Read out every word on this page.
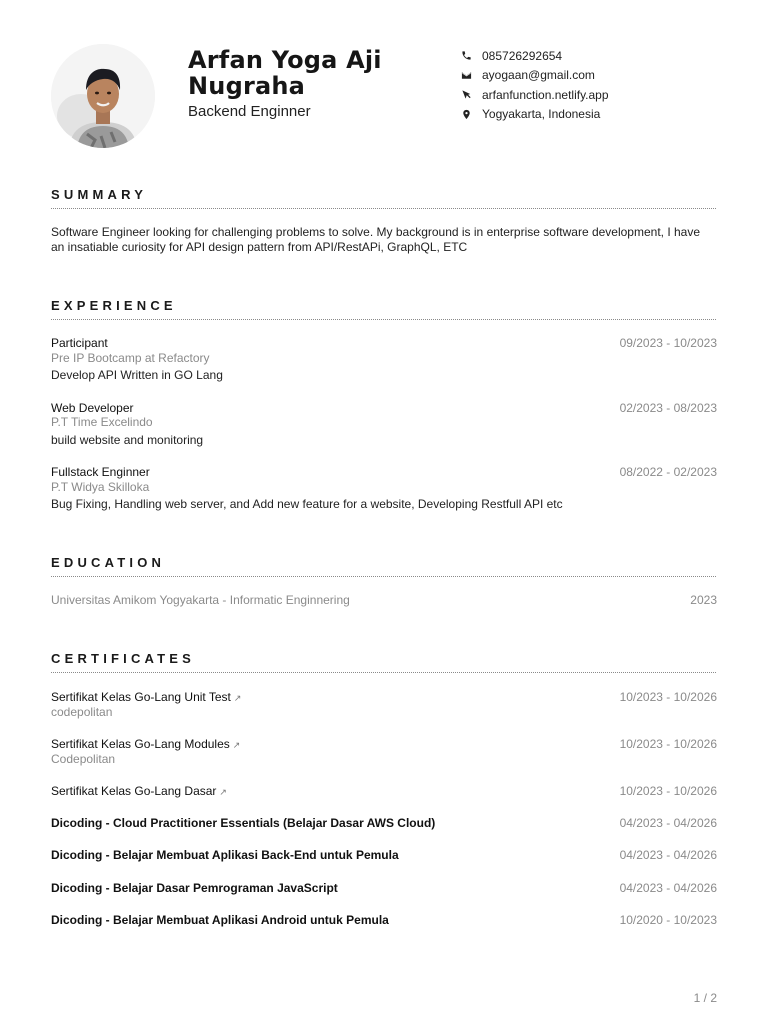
Arfan Yoga Aji Nugraha
Backend Enginner
085726292654
ayogaan@gmail.com
arfanfunction.netlify.app
Yogyakarta, Indonesia
SUMMARY
Software Engineer looking for challenging problems to solve. My background is in enterprise software development, I have an insatiable curiosity for API design pattern from API/RestAPi, GraphQL, ETC
EXPERIENCE
Participant
Pre IP Bootcamp at Refactory
Develop API Written in GO Lang
09/2023 - 10/2023
Web Developer
P.T Time Excelindo
build website and monitoring
02/2023 - 08/2023
Fullstack Enginner
P.T Widya Skilloka
Bug Fixing, Handling web server, and Add new feature for a website, Developing Restfull API etc
08/2022 - 02/2023
EDUCATION
Universitas Amikom Yogyakarta - Informatic Enginnering	2023
CERTIFICATES
Sertifikat Kelas Go-Lang Unit Test ↗
codepolitan
10/2023 - 10/2026
Sertifikat Kelas Go-Lang Modules ↗
Codepolitan
10/2023 - 10/2026
Sertifikat Kelas Go-Lang Dasar ↗	10/2023 - 10/2026
Dicoding - Cloud Practitioner Essentials (Belajar Dasar AWS Cloud)	04/2023 - 04/2026
Dicoding - Belajar Membuat Aplikasi Back-End untuk Pemula	04/2023 - 04/2026
Dicoding - Belajar Dasar Pemrograman JavaScript	04/2023 - 04/2026
Dicoding - Belajar Membuat Aplikasi Android untuk Pemula	10/2020 - 10/2023
1 / 2
